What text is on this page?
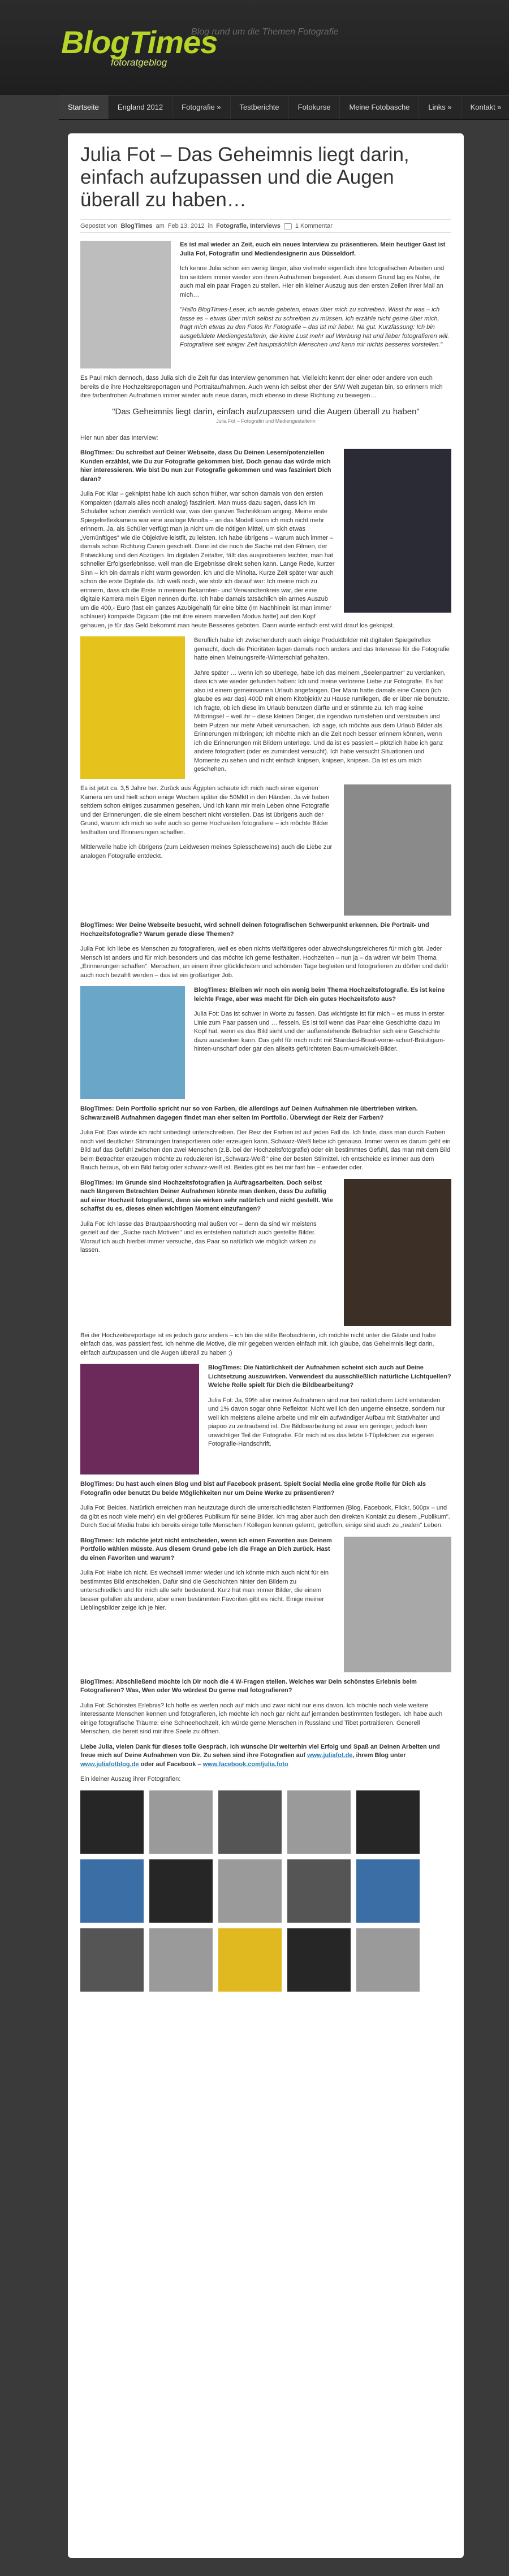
BlogTimes
fotoratgeblog
Blog rund um die Themen Fotografie
Startseite	England 2012	Fotografie »	Testberichte	Fotokurse	Meine Fotobasche	Links »	Kontakt »
Julia Fot – Das Geheimnis liegt darin, einfach aufzupassen und die Augen überall zu haben…
Gepostet von BlogTimes am Feb 13, 2012 in Fotografie, Interviews 1 Kommentar

Es ist mal wieder an Zeit, euch ein neues Interview zu präsentieren. Mein heutiger Gast ist Julia Fot, Fotografin und Mediendesignerin aus Düsseldorf.

Ich kenne Julia schon ein wenig länger, also vielmehr eigentlich ihre fotografischen Arbeiten und bin seitdem immer wieder von ihren Aufnahmen begeistert. Aus diesem Grund lag es Nahe, ihr auch mal ein paar Fragen zu stellen. Hier ein kleiner Auszug aus den ersten Zeilen ihrer Mail an mich…

"Hallo BlogTimes-Leser, ich wurde gebeten, etwas über mich zu schreiben. Wisst ihr was – ich fasse es – etwas über mich selbst zu schreiben zu müssen. Ich erzähle nicht gerne über mich, fragt mich etwas zu den Fotos ihr Fotografie – das ist mir lieber. Na gut. Kurzfassung: Ich bin ausgebildete Mediengestalterin, die keine Lust mehr auf Werbung hat und lieber fotografieren will. Fotografiere seit einiger Zeit hauptsächlich Menschen und kann mir nichts besseres vorstellen."

Es Paul mich dennoch, dass Julia sich die Zeit für das Interview genommen hat. Vielleicht kennt der einer oder andere von euch bereits die ihre Hochzeitsreportagen und Portraitaufnahmen. Auch wenn ich selbst eher der S/W Welt zugetan bin, so erinnern mich ihre farbenfrohen Aufnahmen immer wieder aufs neue daran, mich ebenso in diese Richtung zu bewegen…

"Das Geheimnis liegt darin, einfach aufzupassen und die Augen überall zu haben"
Julia Fot – Fotografin und Mediengestalterin

Hier nun aber das Interview:

BlogTimes: Du schreibst auf Deiner Webseite, dass Du Deinen Lesern/potenziellen Kunden erzählst, wie Du zur Fotografie gekommen bist. Doch genau das würde mich hier interessieren. Wie bist Du nun zur Fotografie gekommen und was fasziniert Dich daran?

Julia Fot: Klar – gekniptst habe ich auch schon früher, war schon damals von den ersten Kompakten (damals alles noch analog) fasziniert. Man muss dazu sagen, dass ich im Schulalter schon ziemlich verrückt war, was den ganzen Technikkram anging. Meine erste Spiegelreflexkamera war eine analoge Minolta – an das Modell kann ich mich nicht mehr erinnern. Ja, als Schüler verfügt man ja nicht um die nötigen Mittel, um sich etwas „Vernünftiges" wie die Objektive leistfit, zu leisten. Ich habe übrigens – warum auch immer – damals schon Richtung Canon geschielt. Dann ist die noch die Sache mit den Filmen, der Entwicklung und den Abzügen. Im digitalen Zeitalter, fällt das ausprobieren leichter, man hat schneller Erfolgserlebnisse. weil man die Ergebnisse direkt sehen kann. Lange Rede, kurzer Sinn – ich bin damals nicht warm geworden. ich und die Minolta. Kurze Zeit später war auch schon die erste Digitale da. Ich weiß noch, wie stolz ich darauf war: Ich meine mich zu erinnern, dass ich die Erste in meinem Bekannten- und Verwandtenkreis war, der eine digitale Kamera mein Eigen nennen durfte. Ich habe damals tatsächlich ein armes Auszub um die 400,- Euro (fast ein ganzes Azubigehalt) für eine bitte (im Nachhinein ist man immer schlauer) kompakte Digicam (die mit ihre einem marvellen Modus hatte) auf den Kopf gehauen, je für das Geld bekommt man heute Besseres geboten. Dann wurde einfach erst wild drauf los geknipst.

Beruflich habe ich zwischendurch auch einige Produktbilder mit digitalen Spiegelreflex gemacht, doch die Prioritäten lagen damals noch anders und das Interesse für die Fotografie hatte einen Meinungsreife-Winterschlaf gehalten.

Jahre später … wenn ich so überlege, habe ich das meinem „Seelenpartner" zu verdanken, dass ich wie wieder gefunden haben: Ich und meine verlorene Liebe zur Fotografie. Es hat also ist einem gemeinsamen Urlaub angefangen. Der Mann hatte damals eine Canon (ich glaube es war das) 400D mit einem Kitobjektiv zu Hause rumliegen, die er über nie benutzte. Ich fragte, ob ich diese im Urlaub benutzen dürfte und er stimmte zu. Ich mag keine Mitbringsel – weil ihr – diese kleinen Dinger, die irgendwo rumstehen und verstauben und beim Putzen nur mehr Arbeit verursachen. Ich sage, ich möchte aus dem Urlaub Bilder als Erinnerungen mitbringen; ich möchte mich an die Zeit noch besser erinnern können, wenn ich die Erinnerungen mit Bildern unterlege. Und da ist es passiert – plötzlich habe ich ganz andere fotografiert (oder es zumindest versucht). Ich habe versucht Situationen und Momente zu sehen und nicht einfach knipsen, knipsen, knipsen. Da ist es um mich geschehen.

Es ist jetzt ca. 3,5 Jahre her. Zurück aus Ägypten schaute ich mich nach einer eigenen Kamera um und hielt schon einige Wochen später die 50MkII in den Händen. Ja wir haben seitdem schon einiges zusammen gesehen. Und ich kann mir mein Leben ohne Fotografie und der Erinnerungen, die sie einem beschert nicht vorstellen. Das ist übrigens auch der Grund, warum ich mich so sehr auch so gerne Hochzeiten fotografiere – ich möchte Bilder festhalten und Erinnerungen schaffen.

Mittlerweile habe ich übrigens (zum Leidwesen meines Spiesscheweins) auch die Liebe zur analogen Fotografie entdeckt.

BlogTimes: Wer Deine Webseite besucht, wird schnell deinen fotografischen Schwerpunkt erkennen. Die Portrait- und Hochzeitsfotografie? Warum gerade diese Themen?

Julia Fot: Ich liebe es Menschen zu fotografieren, weil es eben nichts vielfältigeres oder abwechslungsreicheres für mich gibt. Jeder Mensch ist anders und für mich besonders und das möchte ich gerne festhalten. Hochzeiten – nun ja – da wären wir beim Thema „Erinnerungen schaffen". Menschen, an einem ihrer glücklichsten und schönsten Tage begleiten und fotografieren zu dürfen und dafür auch noch bezahlt werden – das ist ein großartiger Job.

BlogTimes: Bleiben wir noch ein wenig beim Thema Hochzeitsfotografie. Es ist keine leichte Frage, aber was macht für Dich ein gutes Hochzeitsfoto aus?

Julia Fot: Das ist schwer in Worte zu fassen. Das wichtigste ist für mich – es muss in erster Linie zum Paar passen und … fesseln. Es ist toll wenn das Paar eine Geschichte dazu im Kopf hat, wenn es das Bild sieht und der außenstehende Betrachter sich eine Geschichte dazu ausdenken kann. Das geht für mich nicht mit Standard-Braut-vorne-scharf-Bräutigam-hinten-unscharf oder gar den allseits gefürchteten Baum-umwickelt-Bilder.

BlogTimes: Dein Portfolio spricht nur so von Farben, die allerdings auf Deinen Aufnahmen nie übertrieben wirken. Schwarzweiß Aufnahmen dagegen findet man eher selten im Portfolio. Überwiegt der Reiz der Farben?

Julia Fot: Das würde ich nicht unbedingt unterschreiben. Der Reiz der Farben ist auf jeden Fall da. Ich finde, dass man durch Farben noch viel deutlicher Stimmungen transportieren oder erzeugen kann. Schwarz-Weiß liebe ich genauso. Immer wenn es darum geht ein Bild auf das Gefühl zwischen den zwei Menschen (z.B. bei der Hochzeitsfotografie) oder ein bestimmtes Gefühl, das man mit dem Bild beim Betrachter erzeugen möchte zu reduzieren ist „Schwarz-Weiß" eine der besten Stilmittel. Ich entscheide es immer aus dem Bauch heraus, ob ein Bild farbig oder schwarz-weiß ist. Beides gibt es bei mir fast hie – entweder oder.

BlogTimes: Im Grunde sind Hochzeitsfotografien ja Auftragsarbeiten. Doch selbst nach längerem Betrachten Deiner Aufnahmen könnte man denken, dass Du zufällig auf einer Hochzeit fotografierst, denn sie wirken sehr natürlich und nicht gestellt. Wie schaffst du es, dieses einen wichtigen Moment einzufangen?

Julia Fot: Ich lasse das Brautpaarshooting mal außen vor – denn da sind wir meistens gezielt auf der „Suche nach Motiven" und es entstehen natürlich auch gestellte Bilder. Worauf ich auch hierbei immer versuche, das Paar so natürlich wie möglich wirken zu lassen.

Bei der Hochzeitsreportage ist es jedoch ganz anders – ich bin die stille Beobachterin, ich möchte nicht unter die Gäste und habe einfach das, was passiert fest. Ich nehme die Motive, die mir gegeben werden einfach mit. Ich glaube, das Geheimnis liegt darin, einfach aufzupassen und die Augen überall zu haben ;)

BlogTimes: Die Natürlichkeit der Aufnahmen scheint sich auch auf Deine Lichtsetzung auszuwirken. Verwendest du ausschließlich natürliche Lichtquellen? Welche Rolle spielt für Dich die Bildbearbeitung?

Julia Fot: Ja, 99% aller meiner Aufnahmen sind nur bei natürlichem Licht entstanden und 1% davon sogar ohne Reflektor. Nicht weil ich den ungerne einsetze, sondern nur weil ich meistens alleine arbeite und mir ein aufwändiger Aufbau mit Stativhalter und piapoo zu zeitraubend ist. Die Bildbearbeitung ist zwar ein geringer, jedoch kein unwichtiger Teil der Fotografie. Für mich ist es das letzte I-Tüpfelchen zur eigenen Fotografie-Handschrift.

BlogTimes: Du hast auch einen Blog und bist auf Facebook präsent. Spielt Social Media eine große Rolle für Dich als Fotografin oder benutzt Du beide Möglichkeiten nur um Deine Werke zu präsentieren?

Julia Fot: Beides. Natürlich erreichen man heutzutage durch die unterschiedlichsten Plattformen (Blog, Facebook, Flickr, 500px – und da gibt es noch viele mehr) ein viel größeres Publikum für seine Bilder. Ich mag aber auch den direkten Kontakt zu diesem „Publikum". Durch Social Media habe ich bereits einige tolle Menschen / Kollegen kennen gelernt, getroffen, einige sind auch zu „realen" Leben.

BlogTimes: Ich möchte jetzt nicht entscheiden, wenn ich einen Favoriten aus Deinem Portfolio wählen müsste. Aus diesem Grund gebe ich die Frage an Dich zurück. Hast du einen Favoriten und warum?

Julia Fot: Habe ich nicht. Es wechselt immer wieder und ich könnte mich auch nicht für ein bestimmtes Bild entscheiden. Dafür sind die Geschichten hinter den Bildern zu unterschiedlich und für mich alle sehr bedeutend. Kurz hat man immer Bilder, die einem besser gefallen als andere, aber einen bestimmten Favoriten gibt es nicht. Einige meiner Lieblingsbilder zeige ich je hier.

BlogTimes: Abschließend möchte ich Dir noch die 4 W-Fragen stellen. Welches war Dein schönstes Erlebnis beim Fotografieren? Was, Wen oder Wo würdest Du gerne mal fotografieren?

Julia Fot: Schönstes Erlebnis? Ich hoffe es werfen noch auf mich und zwar nicht nur eins davon. Ich möchte noch viele weitere interessante Menschen kennen und fotografieren, ich möchte ich noch gar nicht auf jemanden bestimmten festlegen. Ich habe auch einige fotografische Träume: eine Schneehochzeit, ich würde gerne Menschen in Russland und Tibet portraitieren. Generell Menschen, die bereit sind mir ihre Seele zu öffnen.

Liebe Julia, vielen Dank für dieses tolle Gespräch. Ich wünsche Dir weiterhin viel Erfolg und Spaß an Deinen Arbeiten und freue mich auf Deine Aufnahmen von Dir. Zu sehen sind ihre Fotografien auf www.juliafot.de, ihrem Blog unter www.juliafotblog.de oder auf Facebook – www.facebook.com/julia.foto

Ein kleiner Auszug ihrer Fotografien:
